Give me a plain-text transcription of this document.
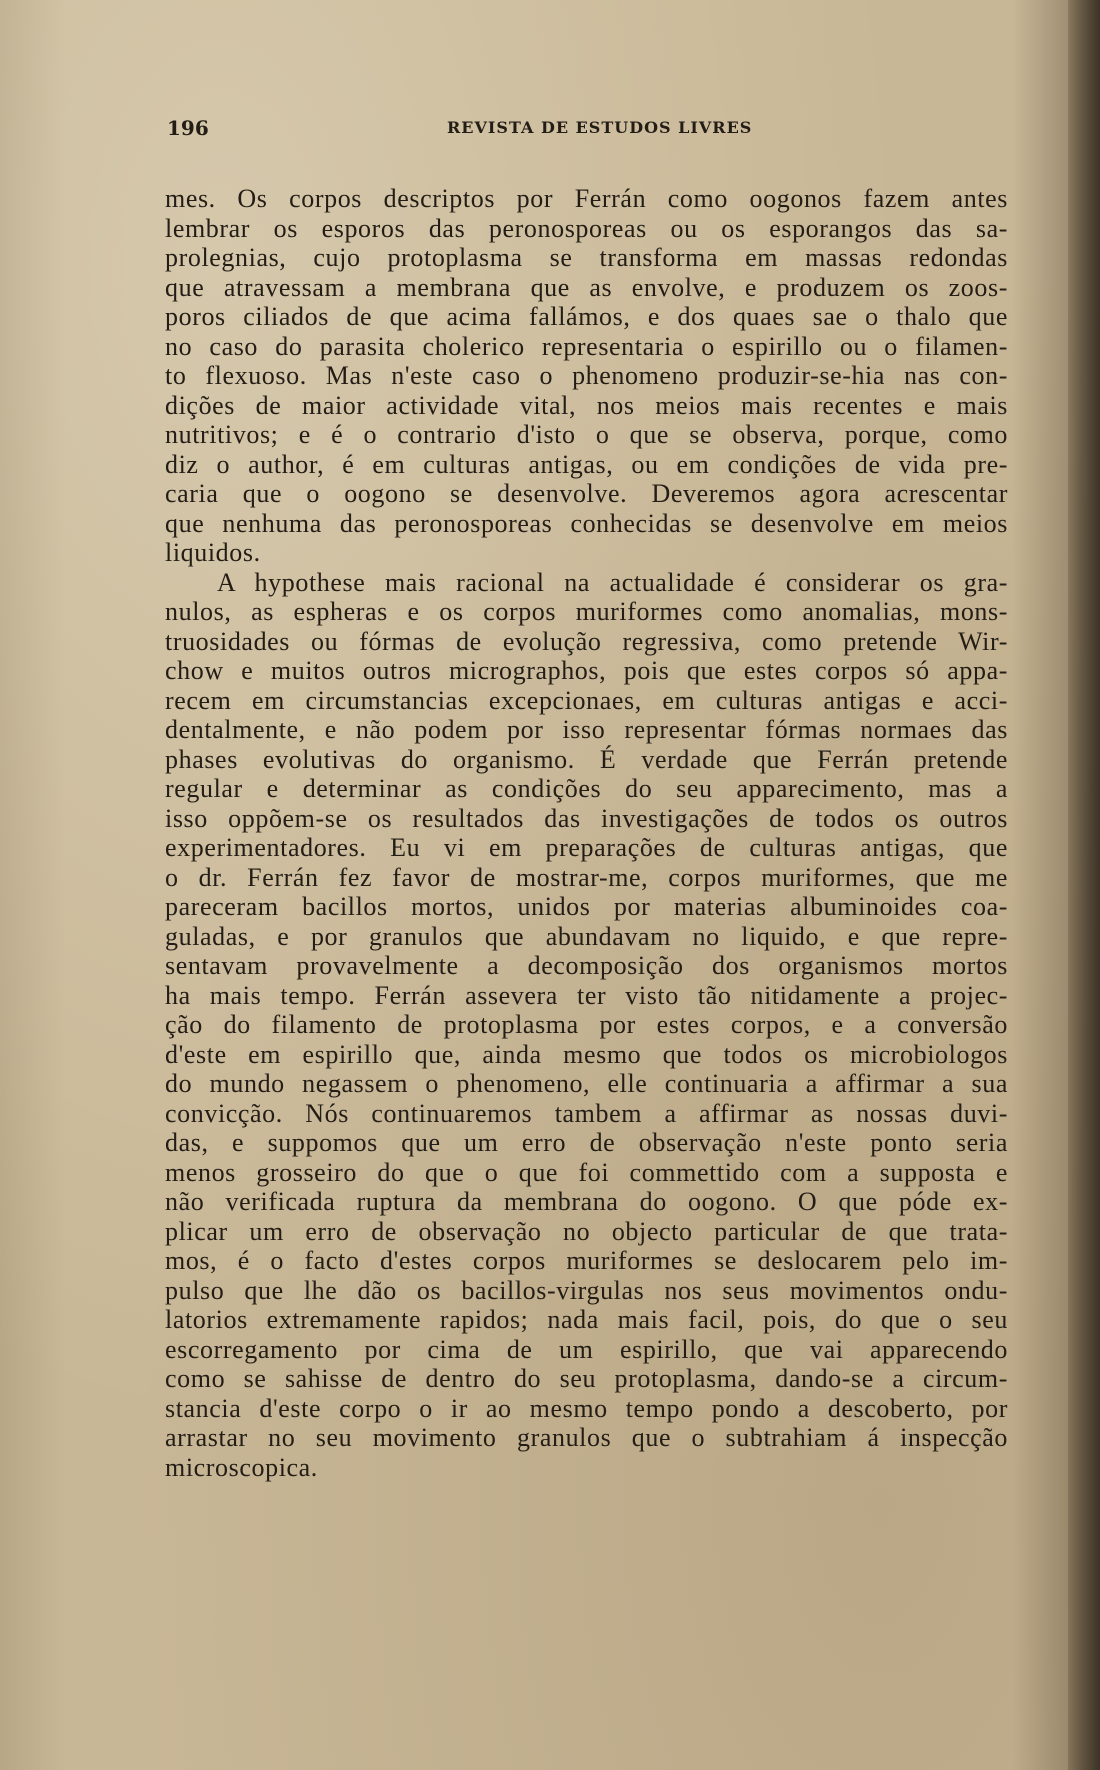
196	REVISTA DE ESTUDOS LIVRES
mes. Os corpos descriptos por Ferrán como oogonos fazem antes
lembrar os esporos das peronosporeas ou os esporangos das sa-
prolegnias, cujo protoplasma se transforma em massas redondas
que atravessam a membrana que as envolve, e produzem os zoos-
poros ciliados de que acima fallámos, e dos quaes sae o thalo que
no caso do parasita cholerico representaria o espirillo ou o filamen-
to flexuoso. Mas n'este caso o phenomeno produzir-se-hia nas con-
dições de maior actividade vital, nos meios mais recentes e mais
nutritivos; e é o contrario d'isto o que se observa, porque, como
diz o author, é em culturas antigas, ou em condições de vida pre-
caria que o oogono se desenvolve. Deveremos agora acrescentar
que nenhuma das peronosporeas conhecidas se desenvolve em meios
liquidos.
A hypothese mais racional na actualidade é considerar os gra-
nulos, as espheras e os corpos muriformes como anomalias, mons-
truosidades ou fórmas de evolução regressiva, como pretende Wir-
chow e muitos outros micrographos, pois que estes corpos só appa-
recem em circumstancias excepcionaes, em culturas antigas e acci-
dentalmente, e não podem por isso representar fórmas normaes das
phases evolutivas do organismo. É verdade que Ferrán pretende
regular e determinar as condições do seu apparecimento, mas a
isso oppõem-se os resultados das investigações de todos os outros
experimentadores. Eu vi em preparações de culturas antigas, que
o dr. Ferrán fez favor de mostrar-me, corpos muriformes, que me
pareceram bacillos mortos, unidos por materias albuminoides coa-
guladas, e por granulos que abundavam no liquido, e que repre-
sentavam provavelmente a decomposição dos organismos mortos
ha mais tempo. Ferrán assevera ter visto tão nitidamente a projec-
ção do filamento de protoplasma por estes corpos, e a conversão
d'este em espirillo que, ainda mesmo que todos os microbiologos
do mundo negassem o phenomeno, elle continuaria a affirmar a sua
convicção. Nós continuaremos tambem a affirmar as nossas duvi-
das, e suppomos que um erro de observação n'este ponto seria
menos grosseiro do que o que foi commettido com a supposta e
não verificada ruptura da membrana do oogono. O que póde ex-
plicar um erro de observação no objecto particular de que trata-
mos, é o facto d'estes corpos muriformes se deslocarem pelo im-
pulso que lhe dão os bacillos-virgulas nos seus movimentos ondu-
latorios extremamente rapidos; nada mais facil, pois, do que o seu
escorregamento por cima de um espirillo, que vai apparecendo
como se sahisse de dentro do seu protoplasma, dando-se a circum-
stancia d'este corpo o ir ao mesmo tempo pondo a descoberto, por
arrastar no seu movimento granulos que o subtrahiam á inspecção
microscopica.
